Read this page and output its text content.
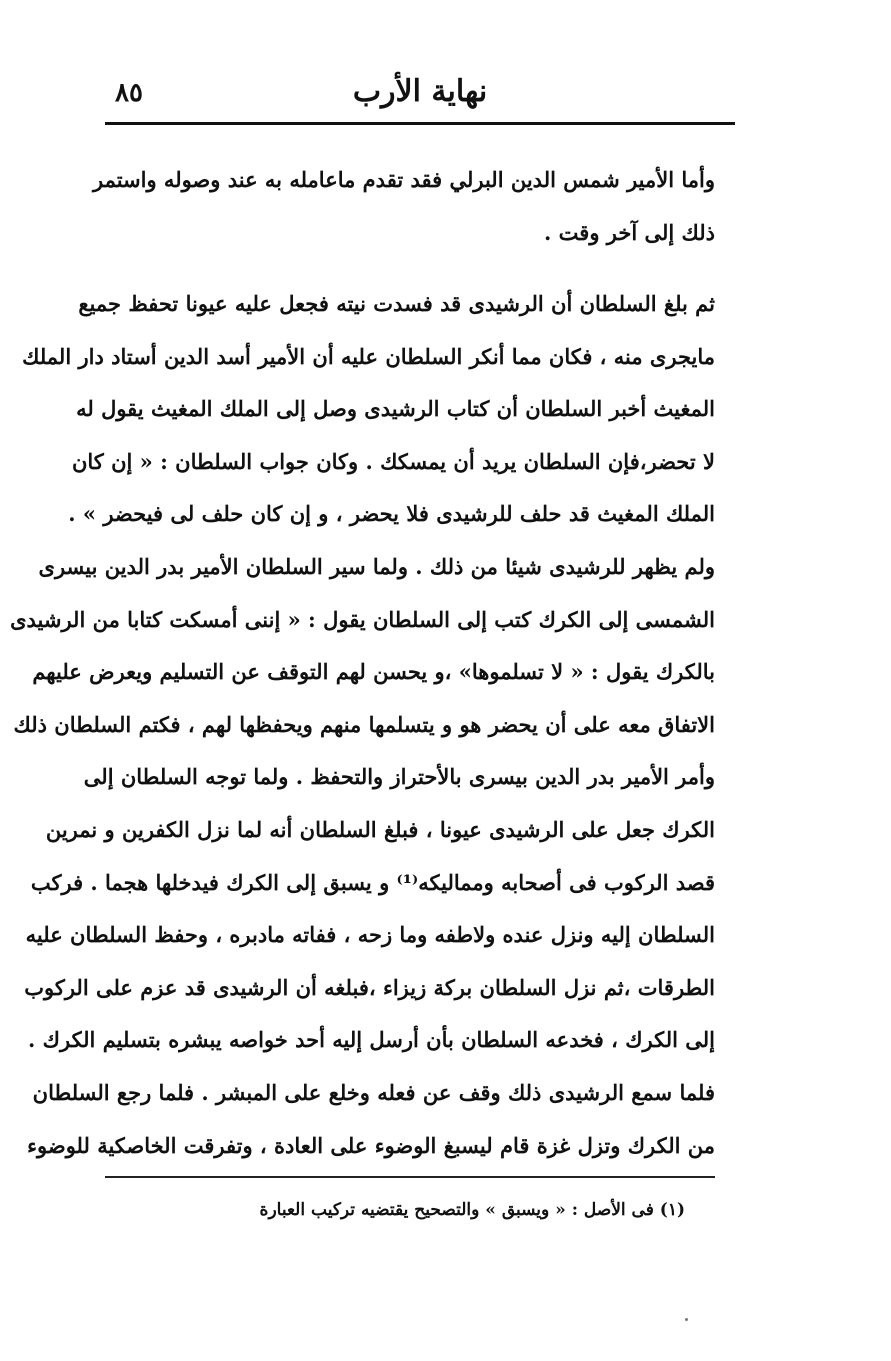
٨٥	نهاية الأرب
وأما الأمير شمس الدين البرلي فقد تقدم ماعامله به عند وصوله واستمر
ذلك إلى آخر وقت .
ثم بلغ السلطان أن الرشيدى قد فسدت نيته فجعل عليه عيونا تحفظ جميع
مايجرى منه ، فكان مما أنكر السلطان عليه أن الأمير أسد الدين أستاد دار الملك
المغيث أخبر السلطان أن كتاب الرشيدى وصل إلى الملك المغيث يقول له
لا تحضر،فإن السلطان يريد أن يمسكك . وكان جواب السلطان : « إن كان
الملك المغيث قد حلف للرشيدى فلا يحضر ، و إن كان حلف لى فيحضر » .
ولم يظهر للرشيدى شيئا من ذلك . ولما سير السلطان الأمير بدر الدين بيسرى
الشمسى إلى الكرك كتب إلى السلطان يقول : « إننى أمسكت كتابا من الرشيدى
بالكرك يقول : « لا تسلموها» ،و يحسن لهم التوقف عن التسليم ويعرض عليهم
الاتفاق معه على أن يحضر هو و يتسلمها منهم ويحفظها لهم ، فكتم السلطان ذلك
وأمر الأمير بدر الدين بيسرى بالأحتراز والتحفظ . ولما توجه السلطان إلى
الكرك جعل على الرشيدى عيونا ، فبلغ السلطان أنه لما نزل الكفرين و نمرين
قصد الركوب فى أصحابه ومماليكه⁽¹⁾ و يسبق إلى الكرك فيدخلها هجما . فركب
السلطان إليه ونزل عنده ولاطفه وما زحه ، ففاته مادبره ، وحفظ السلطان عليه
الطرقات ،ثم نزل السلطان بركة زيزاء ،فبلغه أن الرشيدى قد عزم على الركوب
إلى الكرك ، فخدعه السلطان بأن أرسل إليه أحد خواصه يبشره بتسليم الكرك .
فلما سمع الرشيدى ذلك وقف عن فعله وخلع على المبشر . فلما رجع السلطان
من الكرك وتزل غزة قام ليسبغ الوضوء على العادة ، وتفرقت الخاصكية للوضوء
(١) فى الأصل : « ويسبق » والتصحيح يقتضيه تركيب العبارة
